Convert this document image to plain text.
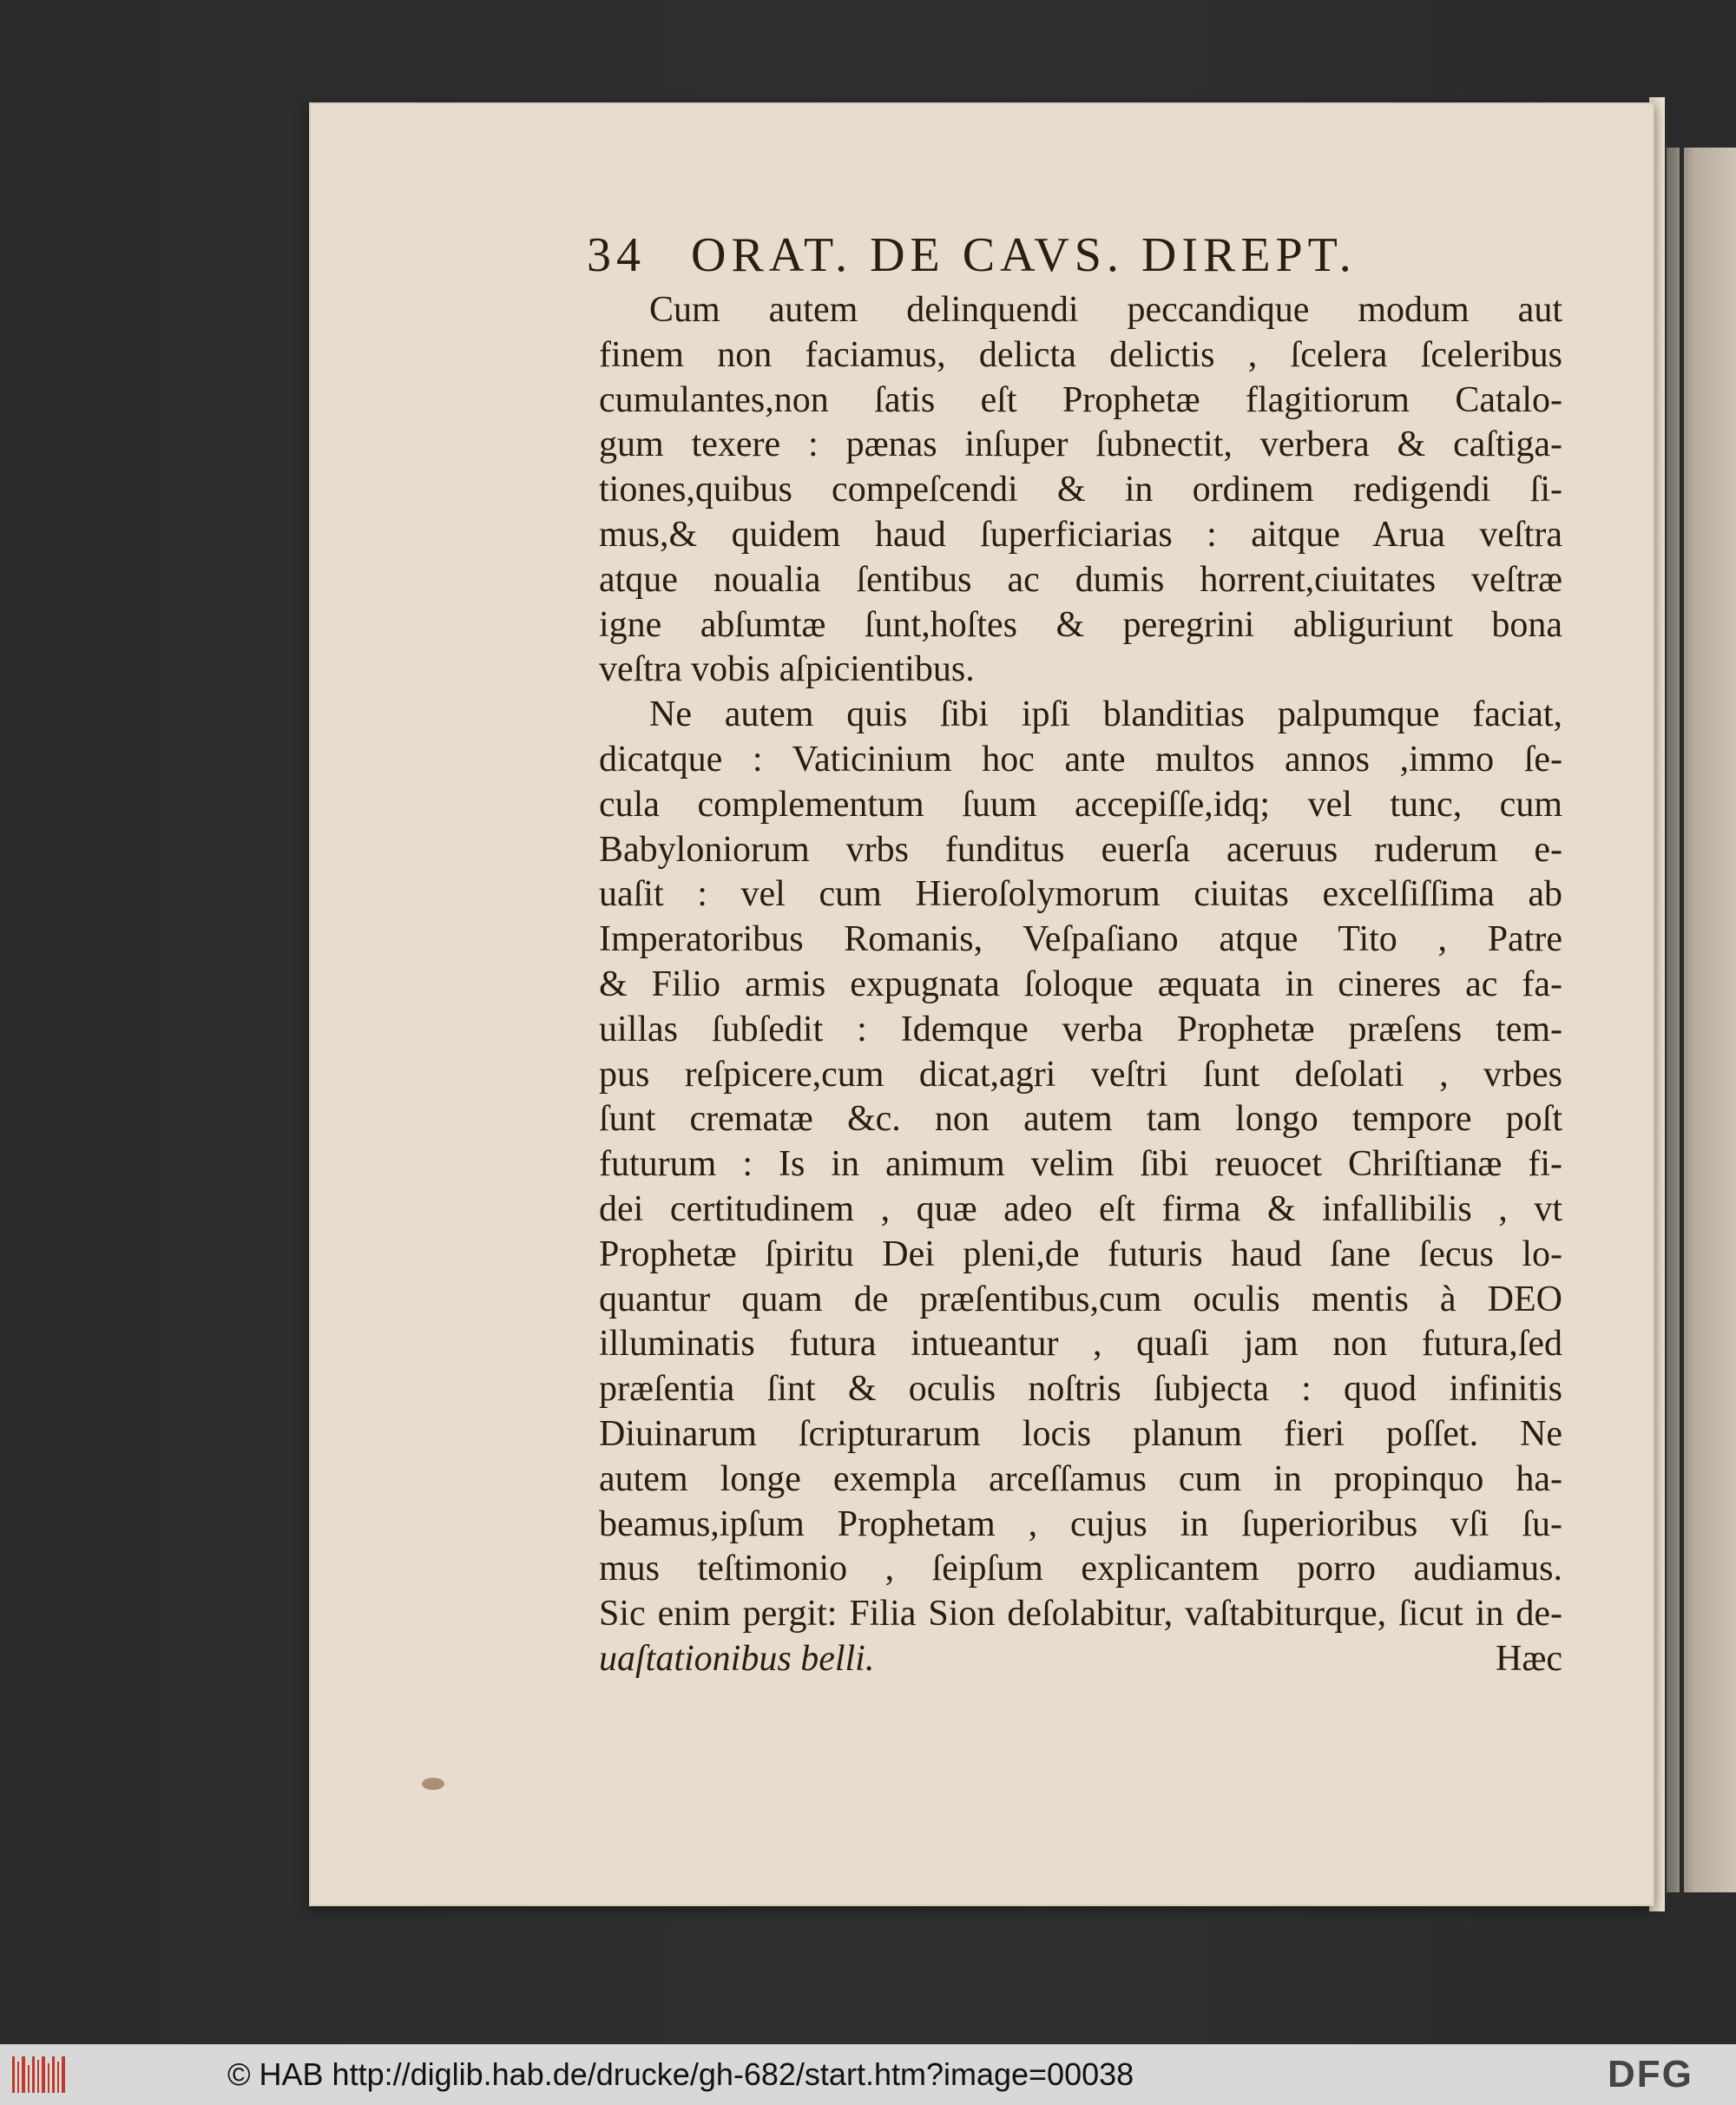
34 ORAT. DE CAVS. DIREPT.
Cum autem delinquendi peccandique modum aut
finem non faciamus, delicta delictis , ſcelera ſceleribus
cumulantes,non ſatis eſt Prophetæ flagitiorum Catalo-
gum texere : pænas inſuper ſubnectit, verbera & caſtiga-
tiones,quibus compeſcendi & in ordinem redigendi ſi-
mus,& quidem haud ſuperficiarias : aitque Arua veſtra
atque noualia ſentibus ac dumis horrent,ciuitates veſtræ
igne abſumtæ ſunt,hoſtes & peregrini abliguriunt bona
veſtra vobis aſpicientibus.
Ne autem quis ſibi ipſi blanditias palpumque faciat,
dicatque : Vaticinium hoc ante multos annos ,immo ſe-
cula complementum ſuum accepiſſe,idq; vel tunc, cum
Babyloniorum vrbs funditus euerſa aceruus ruderum e-
uaſit : vel cum Hieroſolymorum ciuitas excelſiſſima ab
Imperatoribus Romanis, Veſpaſiano atque Tito , Patre
& Filio armis expugnata ſoloque æquata in cineres ac fa-
uillas ſubſedit : Idemque verba Prophetæ præſens tem-
pus reſpicere,cum dicat,agri veſtri ſunt deſolati , vrbes
ſunt crematæ &c. non autem tam longo tempore poſt
futurum : Is in animum velim ſibi reuocet Chriſtianæ fi-
dei certitudinem , quæ adeo eſt firma & infallibilis , vt
Prophetæ ſpiritu Dei pleni,de futuris haud ſane ſecus lo-
quantur quam de præſentibus,cum oculis mentis à DEO
illuminatis futura intueantur , quaſi jam non futura,ſed
præſentia ſint & oculis noſtris ſubjecta : quod infinitis
Diuinarum ſcripturarum locis planum fieri poſſet. Ne
autem longe exempla arceſſamus cum in propinquo ha-
beamus,ipſum Prophetam , cujus in ſuperioribus vſi ſu-
mus teſtimonio , ſeipſum explicantem porro audiamus.
Sic enim pergit: Filia Sion deſolabitur, vaſtabiturque, ſicut in de-
uaſtationibus belli.	Hæc
© HAB http://diglib.hab.de/drucke/gh-682/start.htm?image=00038	DFG
